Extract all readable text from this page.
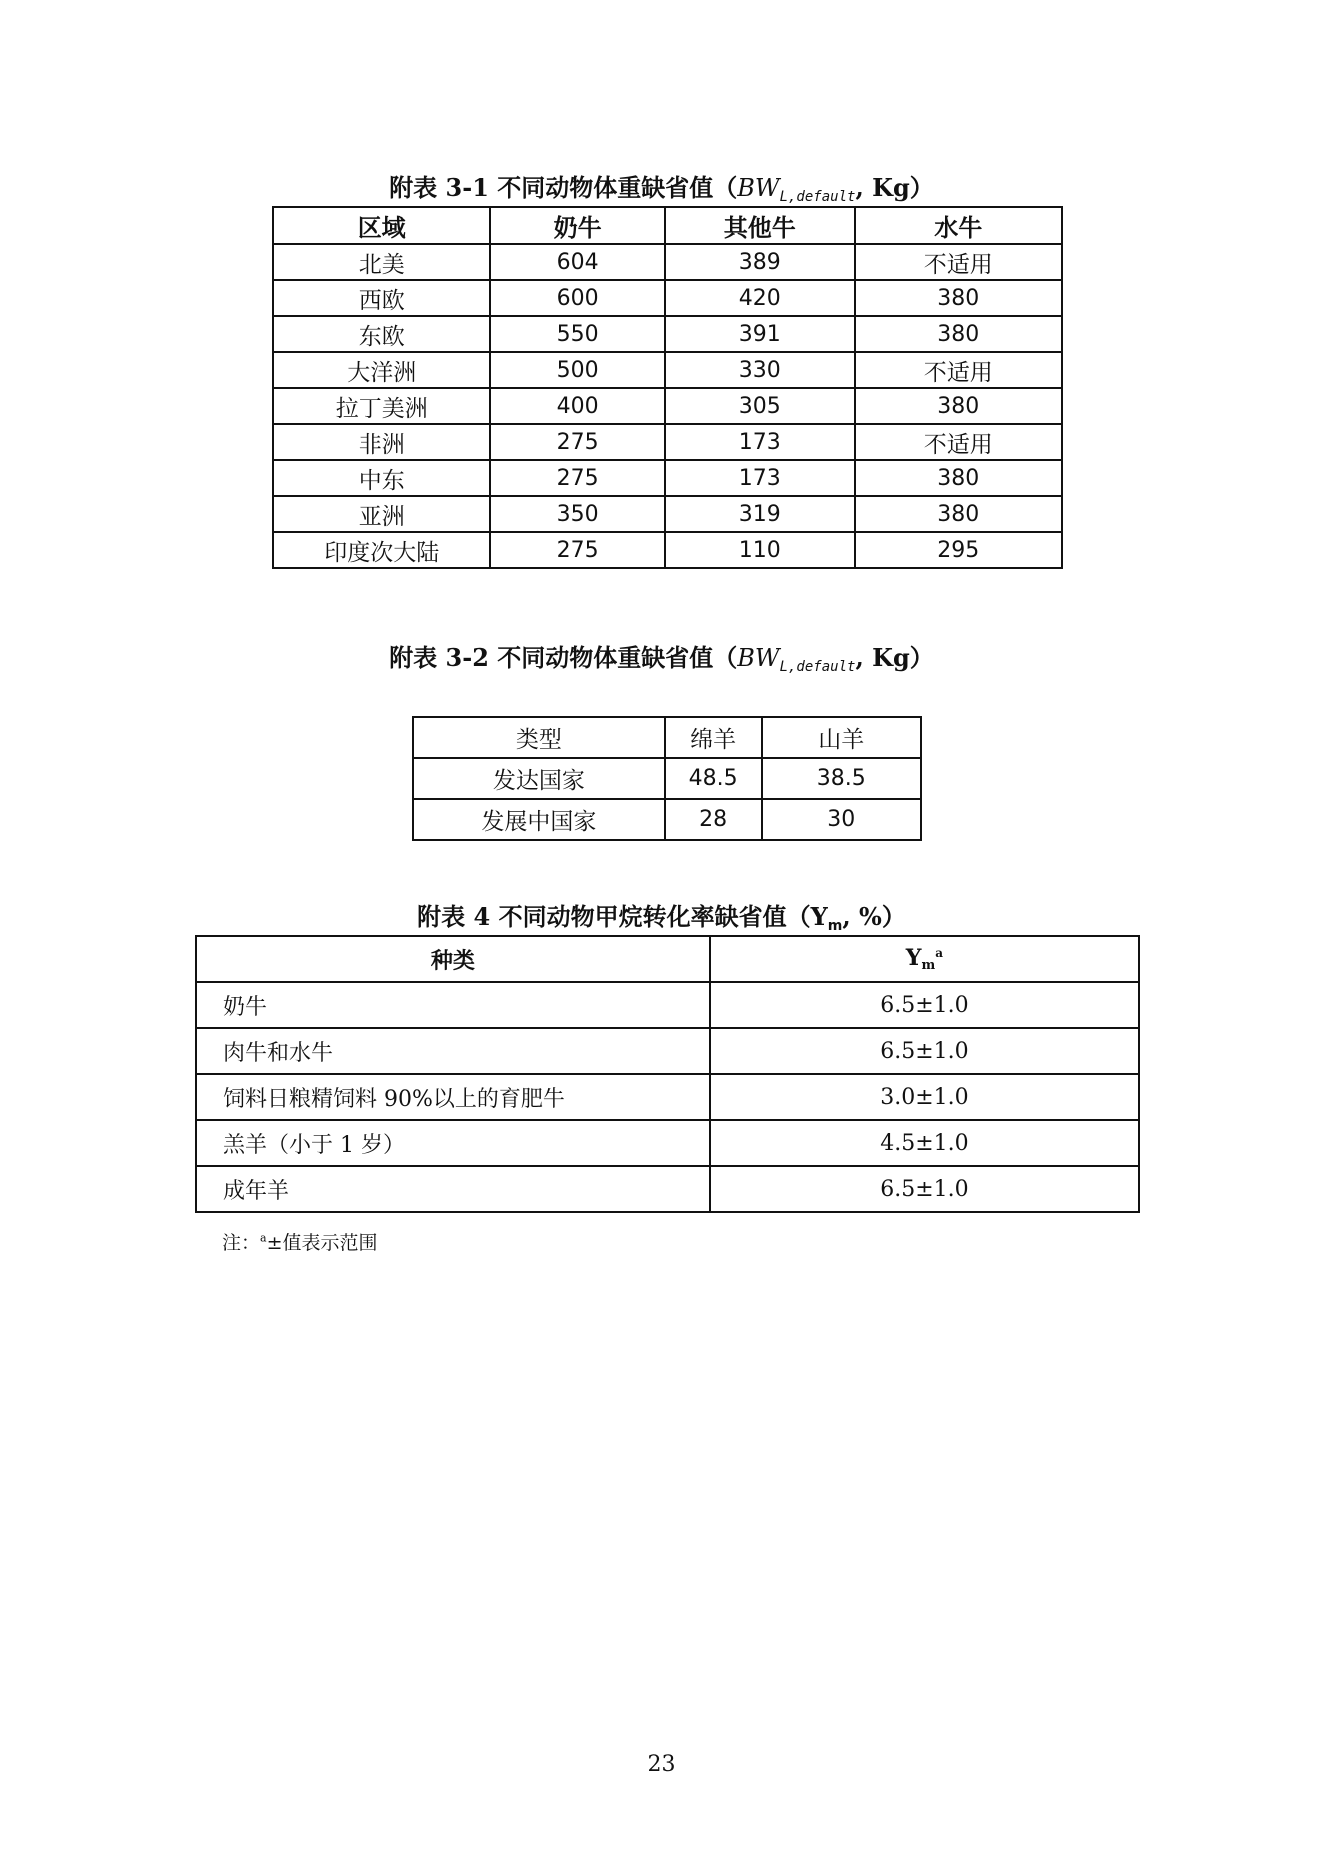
附表 3-1 不同动物体重缺省值（$BW_{L,default}$, Kg）
区域	奶牛	其他牛	水牛
北美	604	389	不适用
西欧	600	420	380
东欧	550	391	380
大洋洲	500	330	不适用
拉丁美洲	400	305	380
非洲	275	173	不适用
中东	275	173	380
亚洲	350	319	380
印度次大陆	275	110	295
附表 3-2 不同动物体重缺省值（$BW_{L,default}$, Kg）
类型	绵羊	山羊
发达国家	48.5	38.5
发展中国家	28	30
附表 4 不同动物甲烷转化率缺省值（$Y_m$, %）
种类	$Y_m^a$
奶牛	6.5±1.0
肉牛和水牛	6.5±1.0
饲料日粮精饲料 90%以上的育肥牛	3.0±1.0
羔羊（小于 1 岁）	4.5±1.0
成年羊	6.5±1.0
注：$^a$±值表示范围
23
